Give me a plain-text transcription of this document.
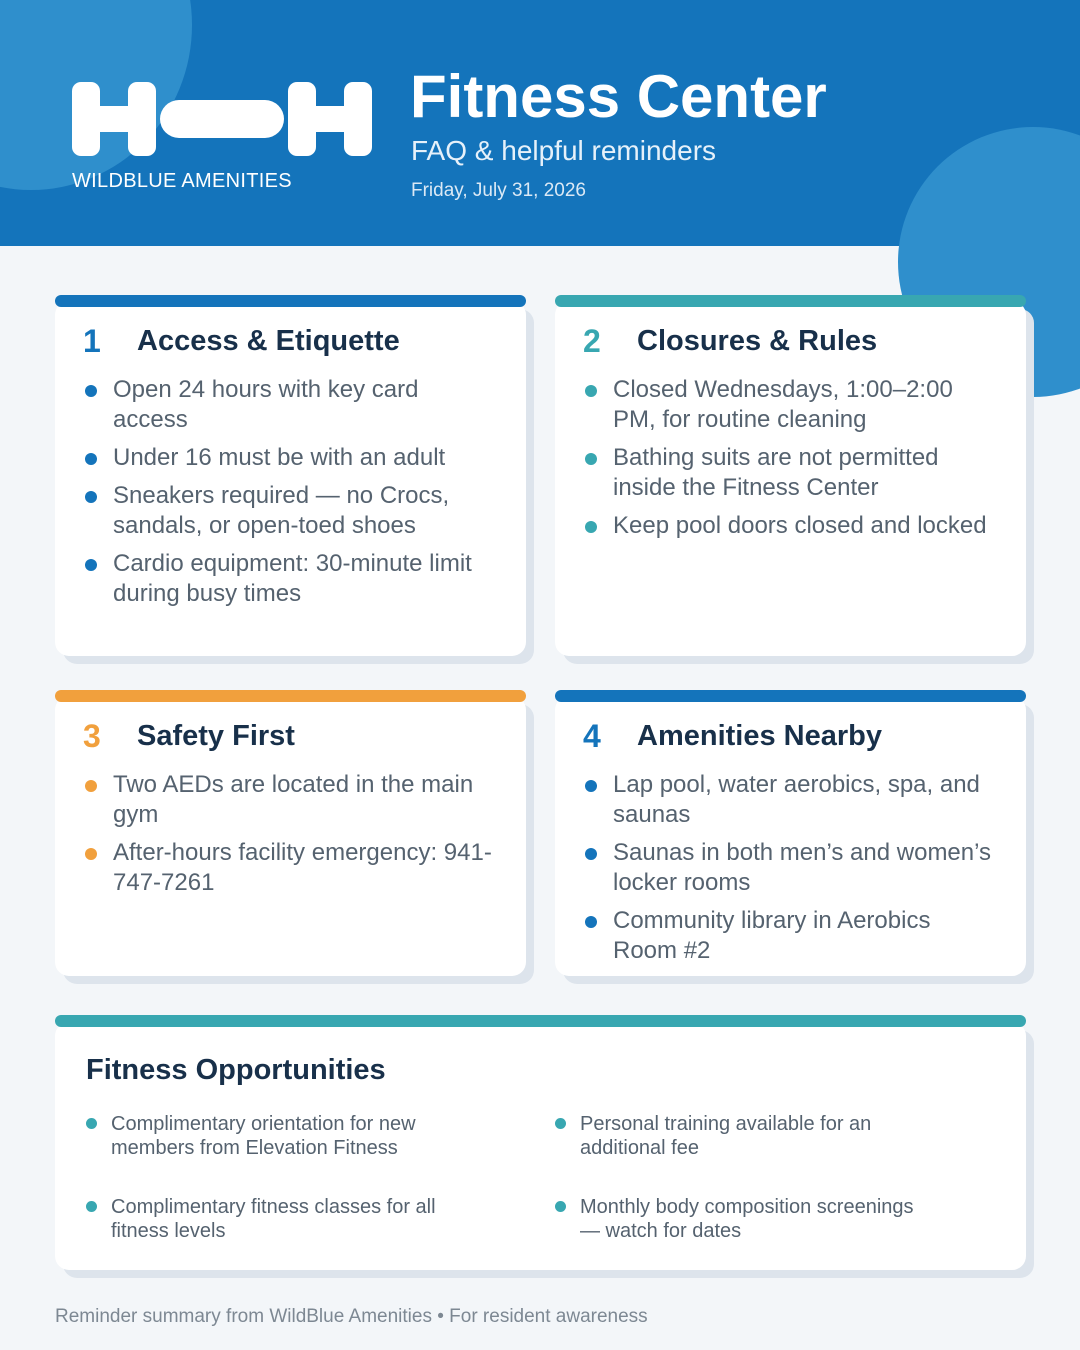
WILDBLUE AMENITIES
Fitness Center
FAQ & helpful reminders
Friday, July 31, 2026
1 Access & Etiquette
Open 24 hours with key card access
Under 16 must be with an adult
Sneakers required — no Crocs, sandals, or open-toed shoes
Cardio equipment: 30-minute limit during busy times
2 Closures & Rules
Closed Wednesdays, 1:00–2:00 PM, for routine cleaning
Bathing suits are not permitted inside the Fitness Center
Keep pool doors closed and locked
3 Safety First
Two AEDs are located in the main gym
After-hours facility emergency: 941-747-7261
4 Amenities Nearby
Lap pool, water aerobics, spa, and saunas
Saunas in both men’s and women’s locker rooms
Community library in Aerobics Room #2
Fitness Opportunities
Complimentary orientation for new members from Elevation Fitness
Personal training available for an additional fee
Complimentary fitness classes for all fitness levels
Monthly body composition screenings — watch for dates
Reminder summary from WildBlue Amenities • For resident awareness
